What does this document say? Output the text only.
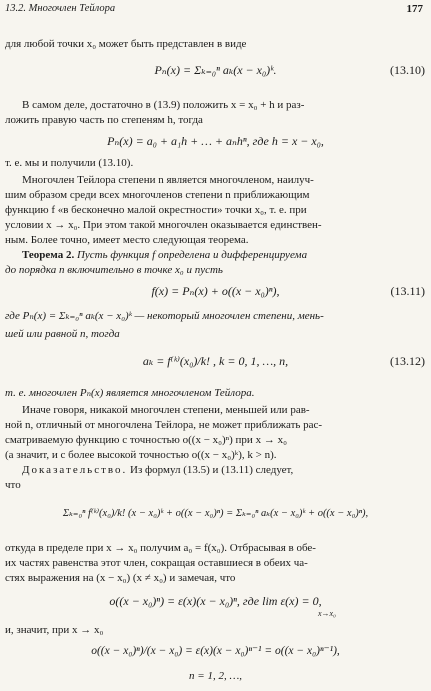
13.2. Многочлен Тейлора	177
для любой точки x₀ может быть представлен в виде
Pₙ(x) = Σₖ₌₀ⁿ aₖ(x − x₀)ᵏ.	(13.10)
В самом деле, достаточно в (13.9) положить x = x₀ + h и раз-
ложить правую часть по степеням h, тогда
Pₙ(x) = a₀ + a₁h + … + aₙhⁿ, где h = x − x₀,
т. е. мы и получили (13.10).
Многочлен Тейлора степени n является многочленом, наилуч-
шим образом среди всех многочленов степени n приближающим
функцию f «в бесконечно малой окрестности» точки x₀, т. е. при
условии x → x₀. При этом такой многочлен оказывается единствен-
ным. Более точно, имеет место следующая теорема.
Теорема 2. Пусть функция f определена и дифференцируема
до порядка n включительно в точке x₀ и пусть
f(x) = Pₙ(x) + o((x − x₀)ⁿ),	(13.11)
где Pₙ(x) = Σₖ₌₀ⁿ aₖ(x − x₀)ᵏ — некоторый многочлен степени, мень-
шей или равной n, тогда
aₖ = f⁽ᵏ⁾(x₀)/k! , k = 0, 1, …, n,	(13.12)
т. е. многочлен Pₙ(x) является многочленом Тейлора.
Иначе говоря, никакой многочлен степени, меньшей или рав-
ной n, отличный от многочлена Тейлора, не может приближать рас-
сматриваемую функцию с точностью o((x − x₀)ⁿ) при x → x₀
(а значит, и с более высокой точностью o((x − x₀)ᵏ), k > n).
Доказательство. Из формул (13.5) и (13.11) следует,
что
Σₖ₌₀ⁿ f⁽ᵏ⁾(x₀)/k! (x − x₀)ᵏ + o((x − x₀)ⁿ) = Σₖ₌₀ⁿ aₖ(x − x₀)ᵏ + o((x − x₀)ⁿ),
откуда в пределе при x → x₀ получим a₀ = f(x₀). Отбрасывая в обе-
их частях равенства этот член, сокращая оставшиеся в обеих ча-
стях выражения на (x − x₀) (x ≠ x₀) и замечая, что
o((x − x₀)ⁿ) = ε(x)(x − x₀)ⁿ, где lim ε(x) = 0,
x→x₀
и, значит, при x → x₀
o((x − x₀)ⁿ)/(x − x₀) = ε(x)(x − x₀)ⁿ⁻¹ = o((x − x₀)ⁿ⁻¹),
n = 1, 2, …,
